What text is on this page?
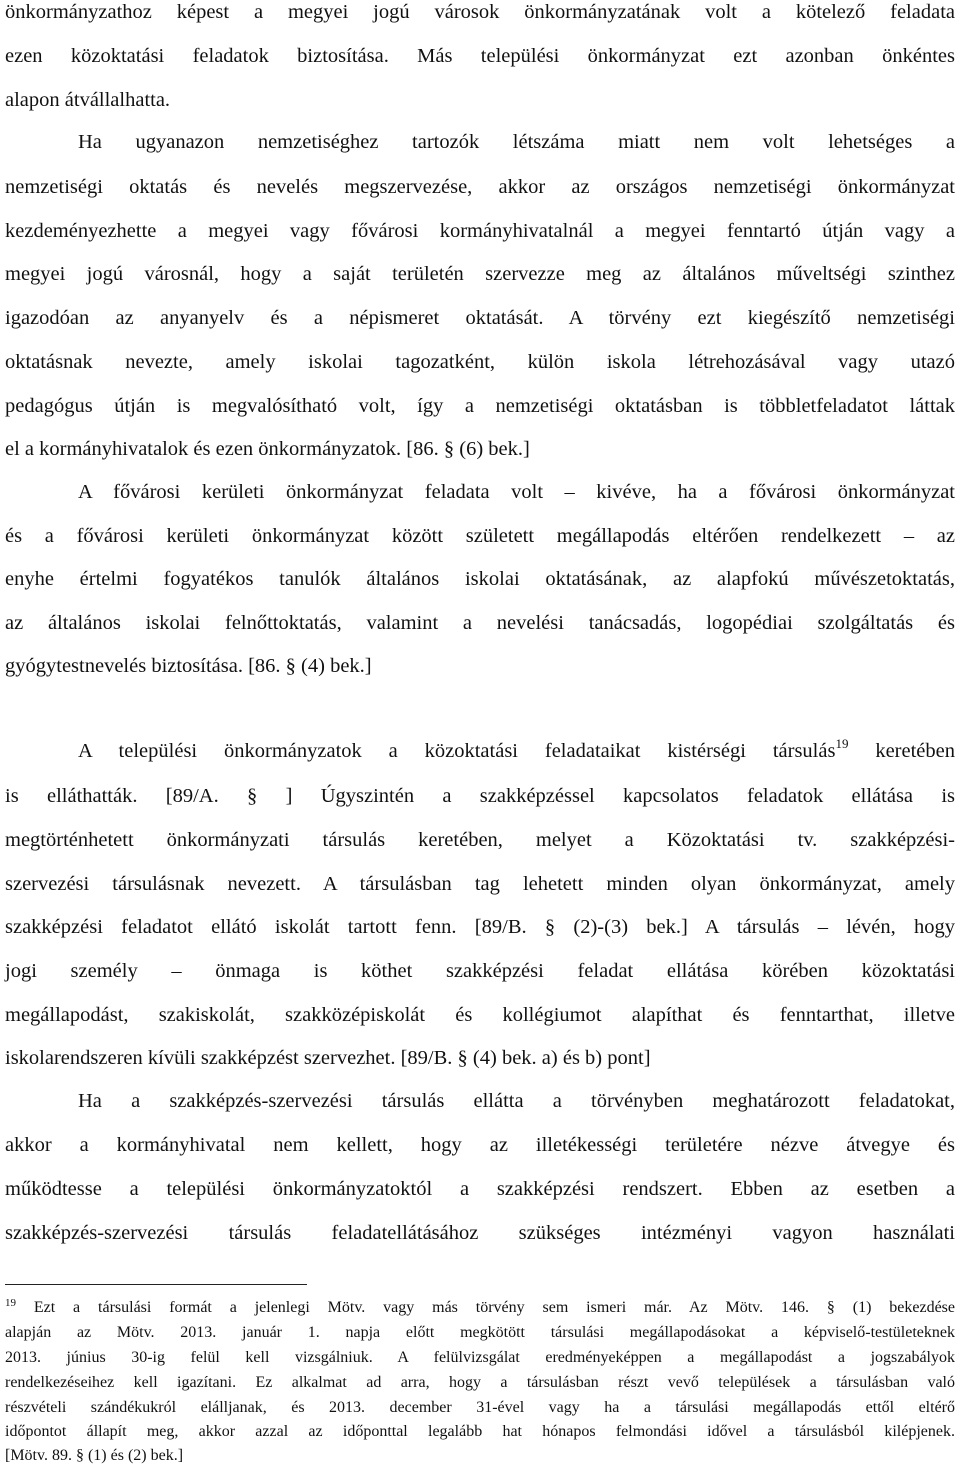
önkormányzathoz képest a megyei jogú városok önkormányzatának volt a kötelező feladata

ezen közoktatási feladatok biztosítása. Más települési önkormányzat ezt azonban önkéntes

alapon átvállalhatta.

Ha ugyanazon nemzetiséghez tartozók létszáma miatt nem volt lehetséges a

nemzetiségi oktatás és nevelés megszervezése, akkor az országos nemzetiségi önkormányzat

kezdeményezhette a megyei vagy fővárosi kormányhivatalnál a megyei fenntartó útján vagy a

megyei jogú városnál, hogy a saját területén szervezze meg az általános műveltségi szinthez

igazodóan az anyanyelv és a népismeret oktatását. A törvény ezt kiegészítő nemzetiségi

oktatásnak nevezte, amely iskolai tagozatként, külön iskola létrehozásával vagy utazó

pedagógus útján is megvalósítható volt, így a nemzetiségi oktatásban is többletfeladatot láttak

el a kormányhivatalok és ezen önkormányzatok. [86. § (6) bek.]

A fővárosi kerületi önkormányzat feladata volt – kivéve, ha a fővárosi önkormányzat

és a fővárosi kerületi önkormányzat között született megállapodás eltérően rendelkezett – az

enyhe értelmi fogyatékos tanulók általános iskolai oktatásának, az alapfokú művészetoktatás,

az általános iskolai felnőttoktatás, valamint a nevelési tanácsadás, logopédiai szolgáltatás és

gyógytestnevelés biztosítása. [86. § (4) bek.]

A települési önkormányzatok a közoktatási feladataikat kistérségi társulás$^{19}$ keretében

is elláthatták. [89/A. § ] Úgyszintén a szakképzéssel kapcsolatos feladatok ellátása is

megtörténhetett önkormányzati társulás keretében, melyet a Közoktatási tv. szakképzési-

szervezési társulásnak nevezett. A társulásban tag lehetett minden olyan önkormányzat, amely

szakképzési feladatot ellátó iskolát tartott fenn. [89/B. § (2)-(3) bek.] A társulás – lévén, hogy

jogi személy – önmaga is köthet szakképzési feladat ellátása körében közoktatási

megállapodást, szakiskolát, szakközépiskolát és kollégiumot alapíthat és fenntarthat, illetve

iskolarendszeren kívüli szakképzést szervezhet. [89/B. § (4) bek. a) és b) pont]

Ha a szakképzés-szervezési társulás ellátta a törvényben meghatározott feladatokat,

akkor a kormányhivatal nem kellett, hogy az illetékességi területére nézve átvegye és

működtesse a települési önkormányzatoktól a szakképzési rendszert. Ebben az esetben a

szakképzés-szervezési társulás feladatellátásához szükséges intézményi vagyon használati

$^{19}$ Ezt a társulási formát a jelenlegi Mötv. vagy más törvény sem ismeri már. Az Mötv. 146. § (1) bekezdése

alapján az Mötv. 2013. január 1. napja előtt megkötött társulási megállapodásokat a képviselő-testületeknek

2013. június 30-ig felül kell vizsgálniuk. A felülvizsgálat eredményeképpen a megállapodást a jogszabályok

rendelkezéseihez kell igazítani. Ez alkalmat ad arra, hogy a társulásban részt vevő települések a társulásban való

részvételi szándékukról elálljanak, és 2013. december 31-ével vagy ha a társulási megállapodás ettől eltérő

időpontot állapít meg, akkor azzal az időponttal legalább hat hónapos felmondási idővel a társulásból kilépjenek.

[Mötv. 89. § (1) és (2) bek.]
